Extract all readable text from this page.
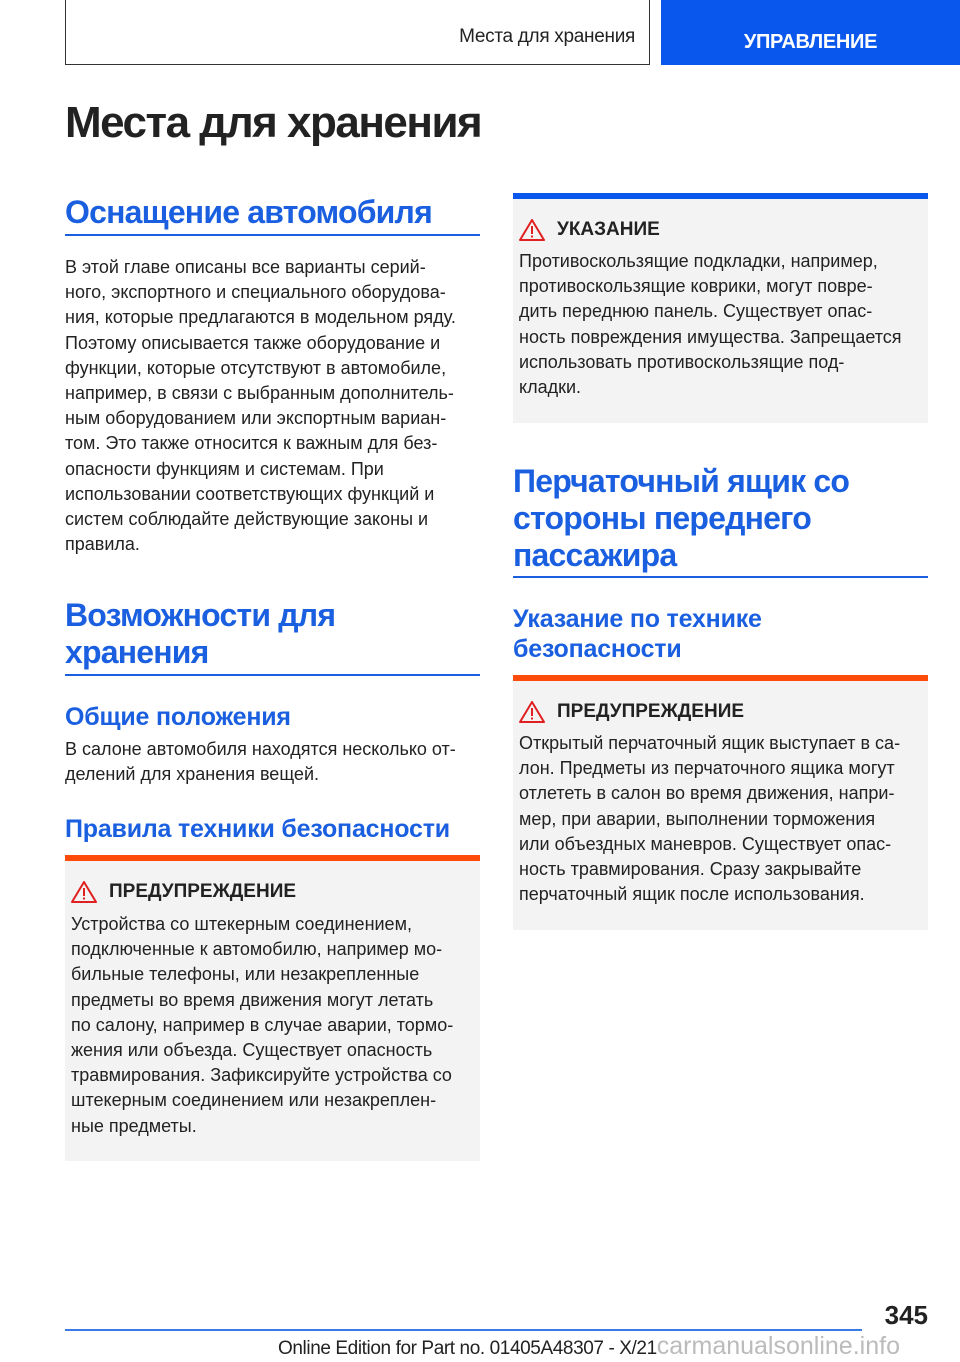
Места для хранения	УПРАВЛЕНИЕ
Места для хранения
Оснащение автомобиля
В этой главе описаны все варианты серий-
ного, экспортного и специального оборудова-
ния, которые предлагаются в модельном ряду.
Поэтому описывается также оборудование и
функции, которые отсутствуют в автомобиле,
например, в связи с выбранным дополнитель-
ным оборудованием или экспортным вариан-
том. Это также относится к важным для без-
опасности функциям и системам. При
использовании соответствующих функций и
систем соблюдайте действующие законы и
правила.
Возможности для
хранения
Общие положения
В салоне автомобиля находятся несколько от-
делений для хранения вещей.
Правила техники безопасности
ПРЕДУПРЕЖДЕНИЕ
Устройства со штекерным соединением,
подключенные к автомобилю, например мо-
бильные телефоны, или незакрепленные
предметы во время движения могут летать
по салону, например в случае аварии, тормо-
жения или объезда. Существует опасность
травмирования. Зафиксируйте устройства со
штекерным соединением или незакреплен-
ные предметы.
УКАЗАНИЕ
Противоскользящие подкладки, например,
противоскользящие коврики, могут повре-
дить переднюю панель. Существует опас-
ность повреждения имущества. Запрещается
использовать противоскользящие под-
кладки.
Перчаточный ящик со
стороны переднего
пассажира
Указание по технике
безопасности
ПРЕДУПРЕЖДЕНИЕ
Открытый перчаточный ящик выступает в са-
лон. Предметы из перчаточного ящика могут
отлететь в салон во время движения, напри-
мер, при аварии, выполнении торможения
или объездных маневров. Существует опас-
ность травмирования. Сразу закрывайте
перчаточный ящик после использования.
345
Online Edition for Part no. 01405A48307 - X/21carmanualsonline.info
